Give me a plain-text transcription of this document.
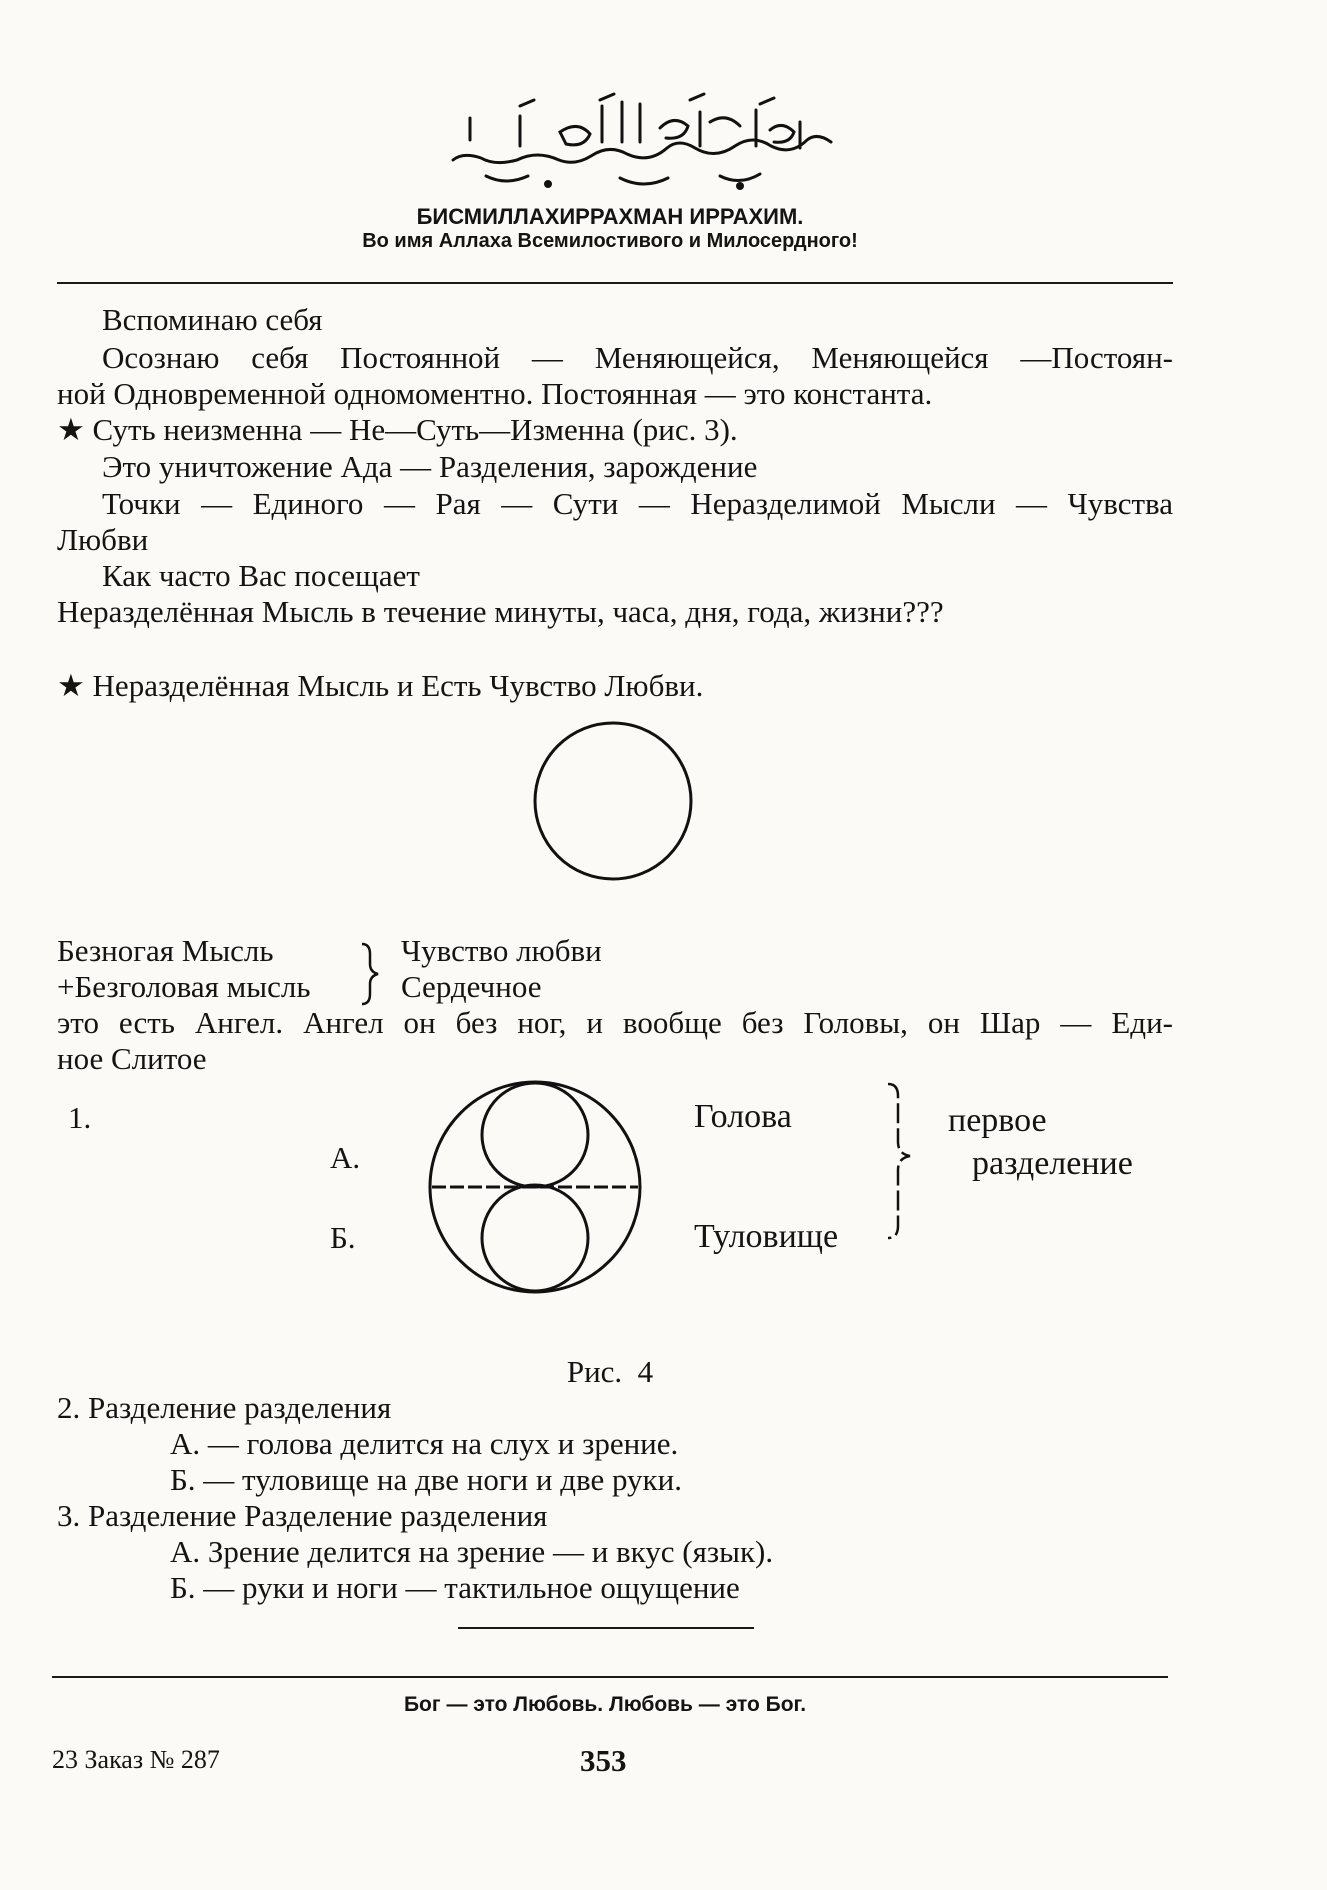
БИСМИЛЛАХИРРАХМАН ИРРАХИМ.
Во имя Аллаха Всемилостивого и Милосердного!
Вспоминаю себя
Осознаю себя Постоянной — Меняющейся, Меняющейся —Постоян-
ной Одновременной одномоментно. Постоянная — это константа.
★ Суть неизменна — Не—Суть—Изменна (рис. 3).
Это уничтожение Ада — Разделения, зарождение
Точки — Единого — Рая — Сути — Неразделимой Мысли — Чувства
Любви
Как часто Вас посещает
Неразделённая Мысль в течение минуты, часа, дня, года, жизни???
★ Неразделённая Мысль и Есть Чувство Любви.
Безногая Мысль
+Безголовая мысль
Чувство любви
Сердечное
это есть Ангел. Ангел он без ног, и вообще без Головы, он Шар — Еди-
ное Слитое
1.
А.
Б.
Голова
Туловище
первое
разделение
Рис.  4
2. Разделение разделения
А. — голова делится на слух и зрение.
Б. — туловище на две ноги и две руки.
3. Разделение Разделение разделения
А. Зрение делится на зрение — и вкус (язык).
Б. — руки и ноги — тактильное ощущение
Бог — это Любовь. Любовь — это Бог.
23 Заказ № 287	353
